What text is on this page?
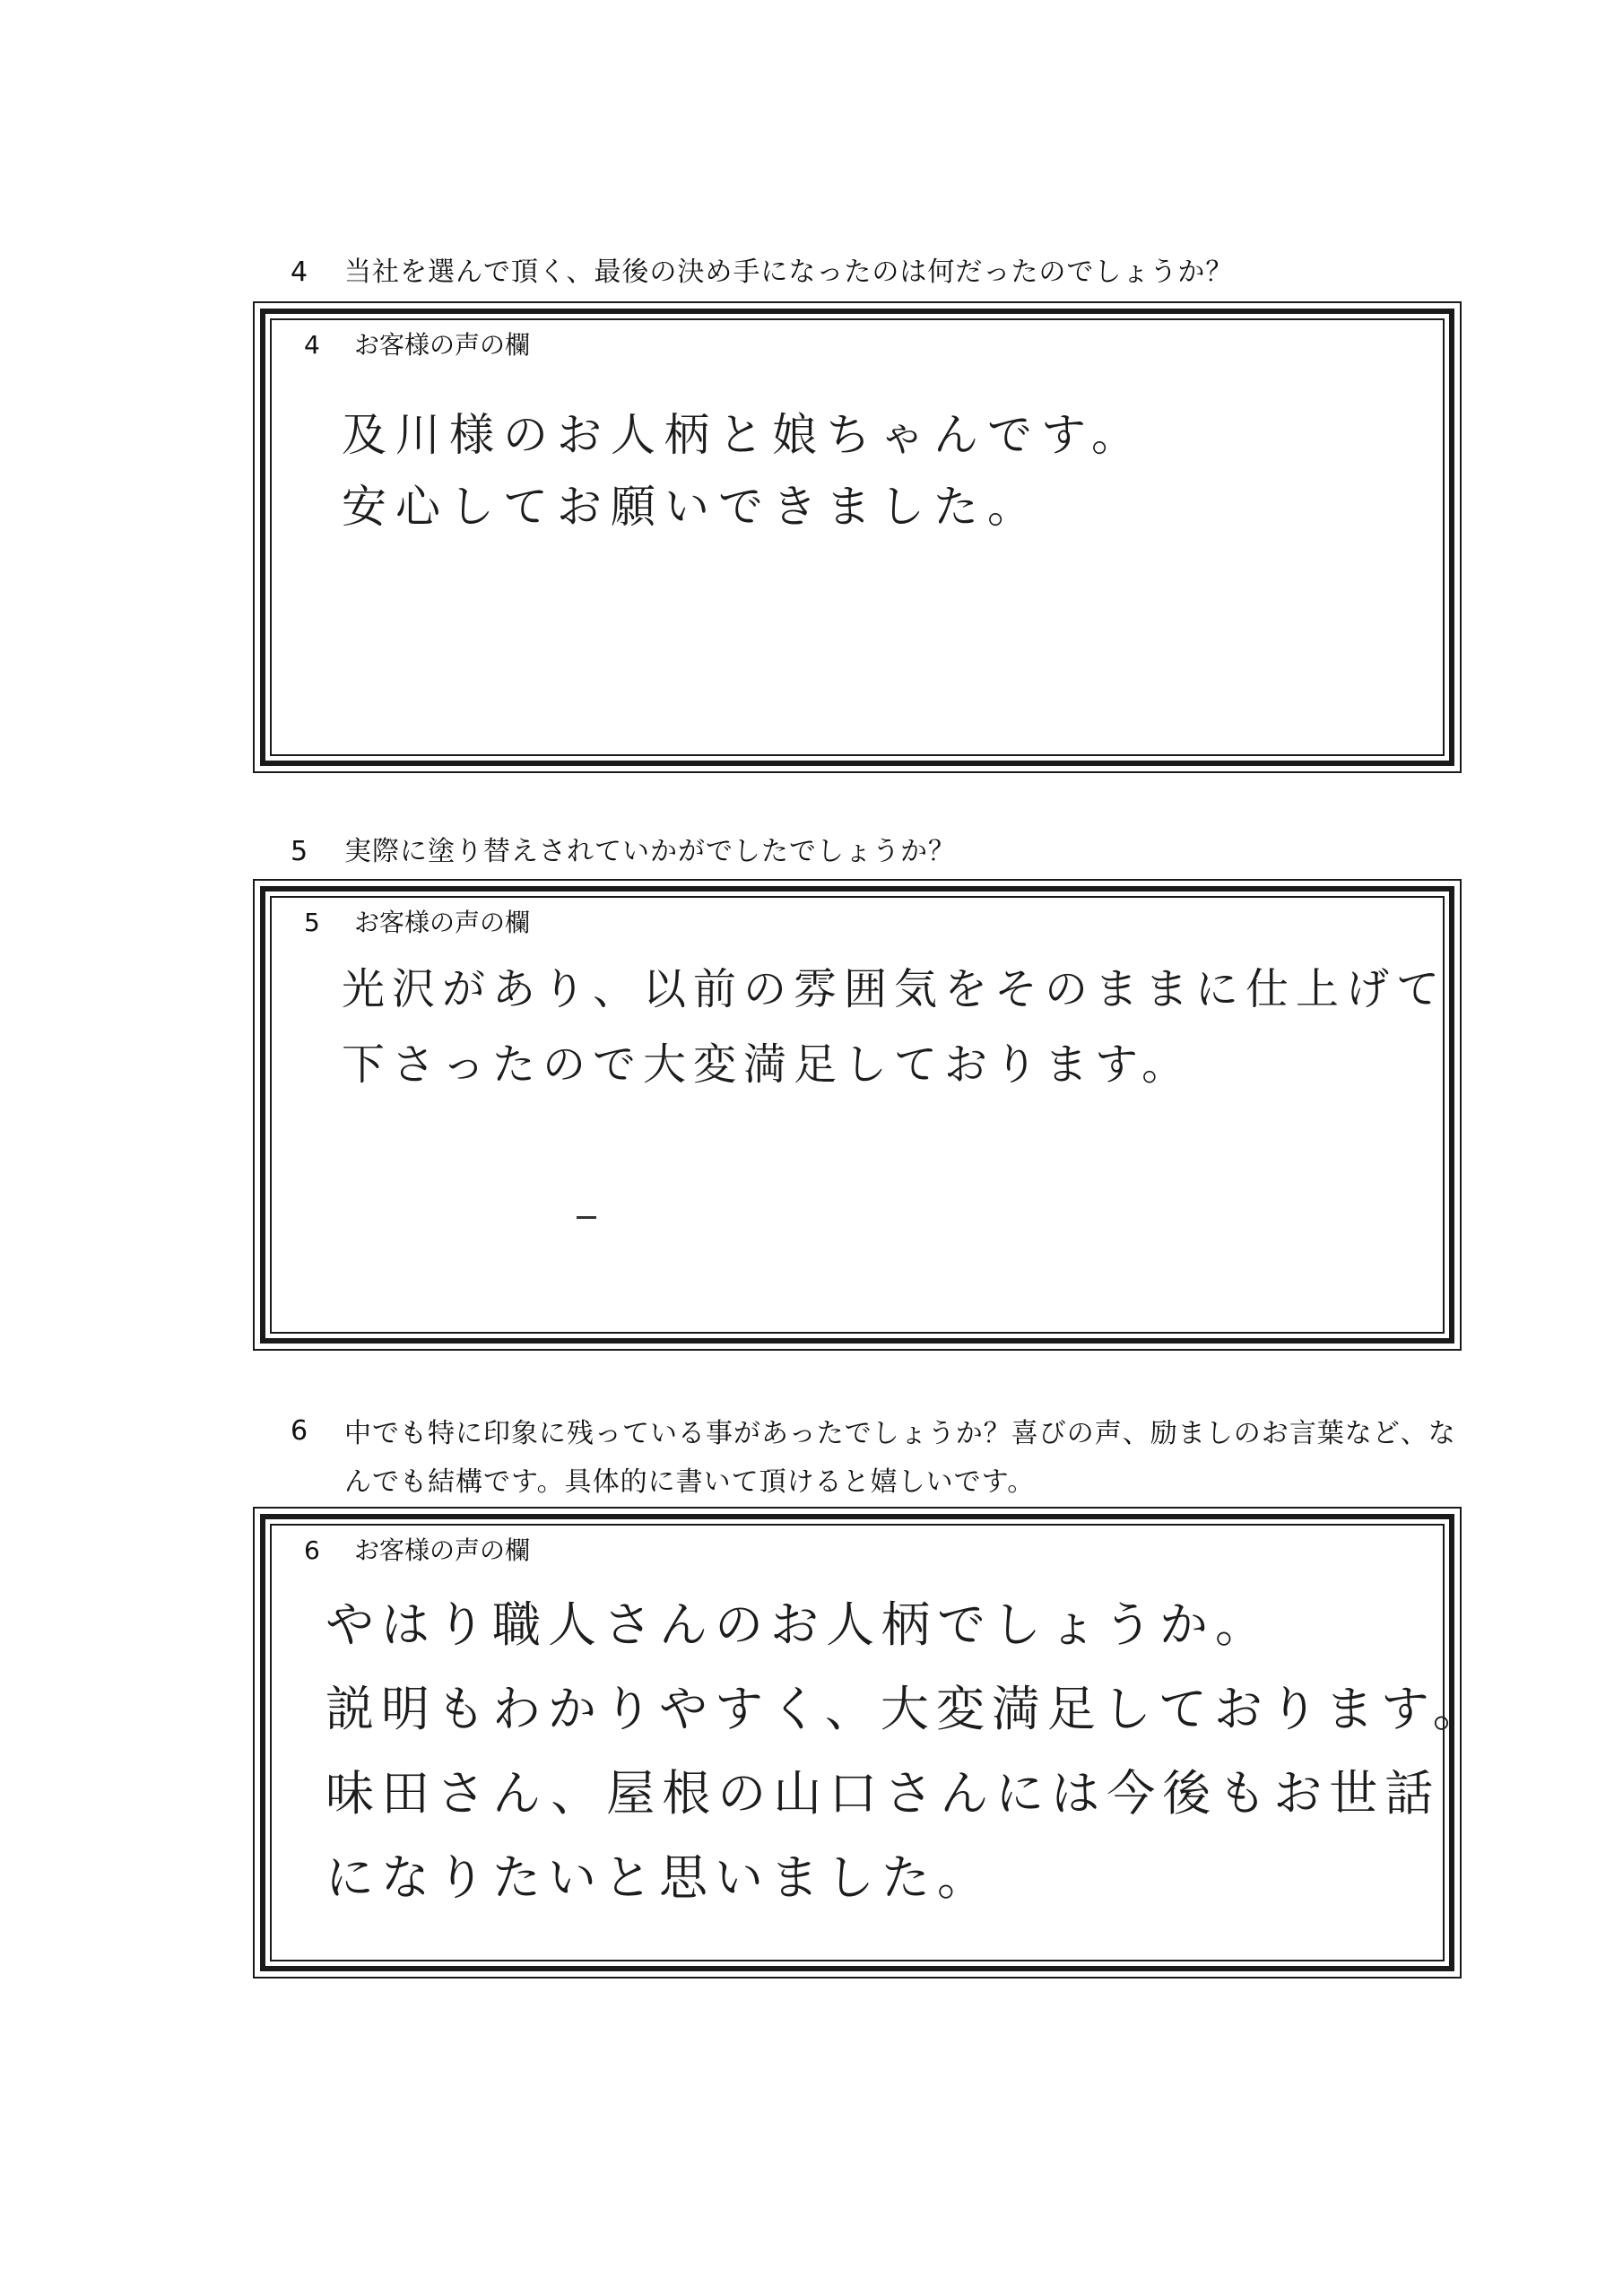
4	当社を選んで頂く、最後の決め手になったのは何だったのでしょうか？
4 お客様の声の欄
及川様のお人柄と娘ちゃんです。
安心してお願いできました。
5	実際に塗り替えされていかがでしたでしょうか？
5 お客様の声の欄
光沢があり、以前の雰囲気をそのままに仕上げて
下さったので大変満足しております。
6	中でも特に印象に残っている事があったでしょうか？喜びの声、励ましのお言葉など、なんでも結構です。具体的に書いて頂けると嬉しいです。
6 お客様の声の欄
やはり職人さんのお人柄でしょうか。
説明もわかりやすく、大変満足しております。
味田さん、屋根の山口さんには今後もお世話
になりたいと思いました。
